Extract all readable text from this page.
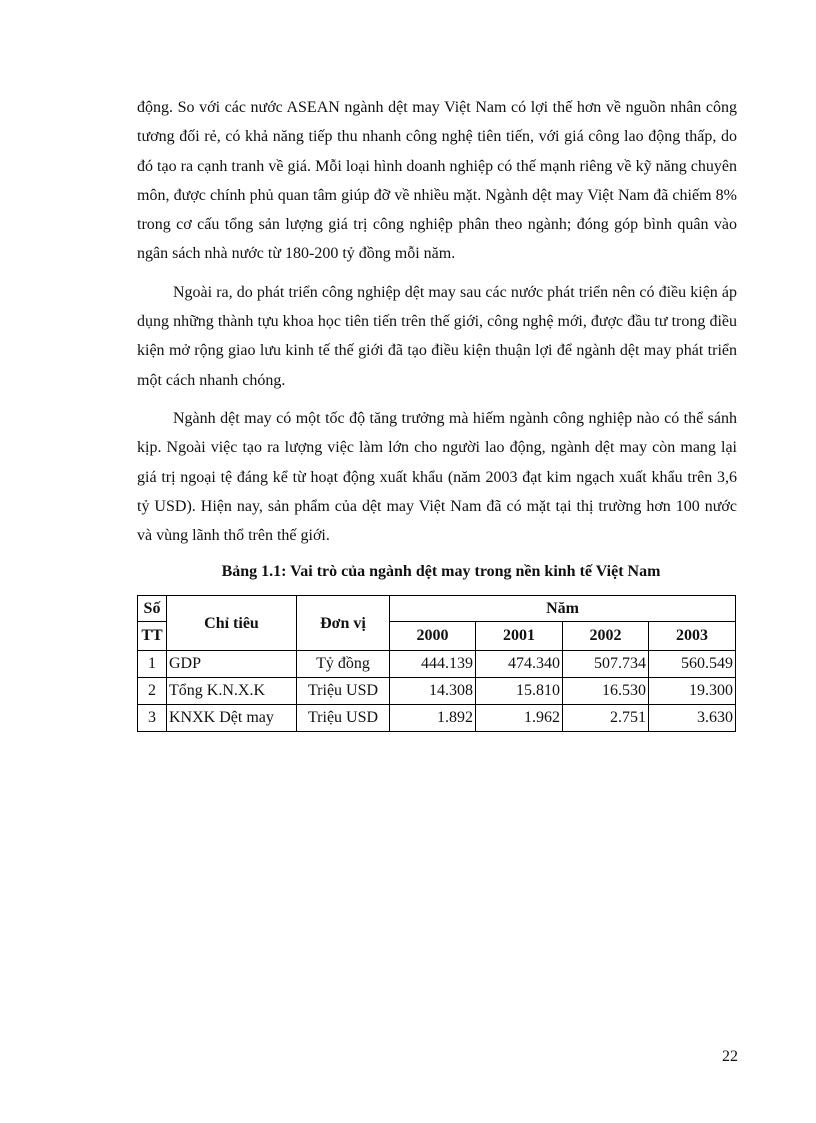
động. So với các nước ASEAN ngành dệt may Việt Nam có lợi thế hơn về nguồn nhân công tương đối rẻ, có khả năng tiếp thu nhanh công nghệ tiên tiến, với giá công lao động thấp, do đó tạo ra cạnh tranh về giá. Mỗi loại hình doanh nghiệp có thế mạnh riêng về kỹ năng chuyên môn, được chính phủ quan tâm giúp đỡ về nhiều mặt. Ngành dệt may Việt Nam đã chiếm 8% trong cơ cấu tổng sản lượng giá trị công nghiệp phân theo ngành; đóng góp bình quân vào ngân sách nhà nước từ 180-200 tỷ đồng mỗi năm.

Ngoài ra, do phát triển công nghiệp dệt may sau các nước phát triển nên có điều kiện áp dụng những thành tựu khoa học tiên tiến trên thế giới, công nghệ mới, được đầu tư trong điều kiện mở rộng giao lưu kinh tế thế giới đã tạo điều kiện thuận lợi để ngành dệt may phát triển một cách nhanh chóng.

Ngành dệt may có một tốc độ tăng trưởng mà hiếm ngành công nghiệp nào có thể sánh kịp. Ngoài việc tạo ra lượng việc làm lớn cho người lao động, ngành dệt may còn mang lại giá trị ngoại tệ đáng kể từ hoạt động xuất khẩu (năm 2003 đạt kim ngạch xuất khẩu trên 3,6 tỷ USD). Hiện nay, sản phẩm của dệt may Việt Nam đã có mặt tại thị trường hơn 100 nước và vùng lãnh thổ trên thế giới.

Bảng 1.1: Vai trò của ngành dệt may trong nền kinh tế Việt Nam
Số	Chỉ tiêu	Đơn vị	Năm			
TT			2000	2001	2002	2003
1	GDP	Tỷ đồng	444.139	474.340	507.734	560.549
2	Tổng K.N.X.K	Triệu USD	14.308	15.810	16.530	19.300
3	KNXK Dệt may	Triệu USD	1.892	1.962	2.751	3.630
22
